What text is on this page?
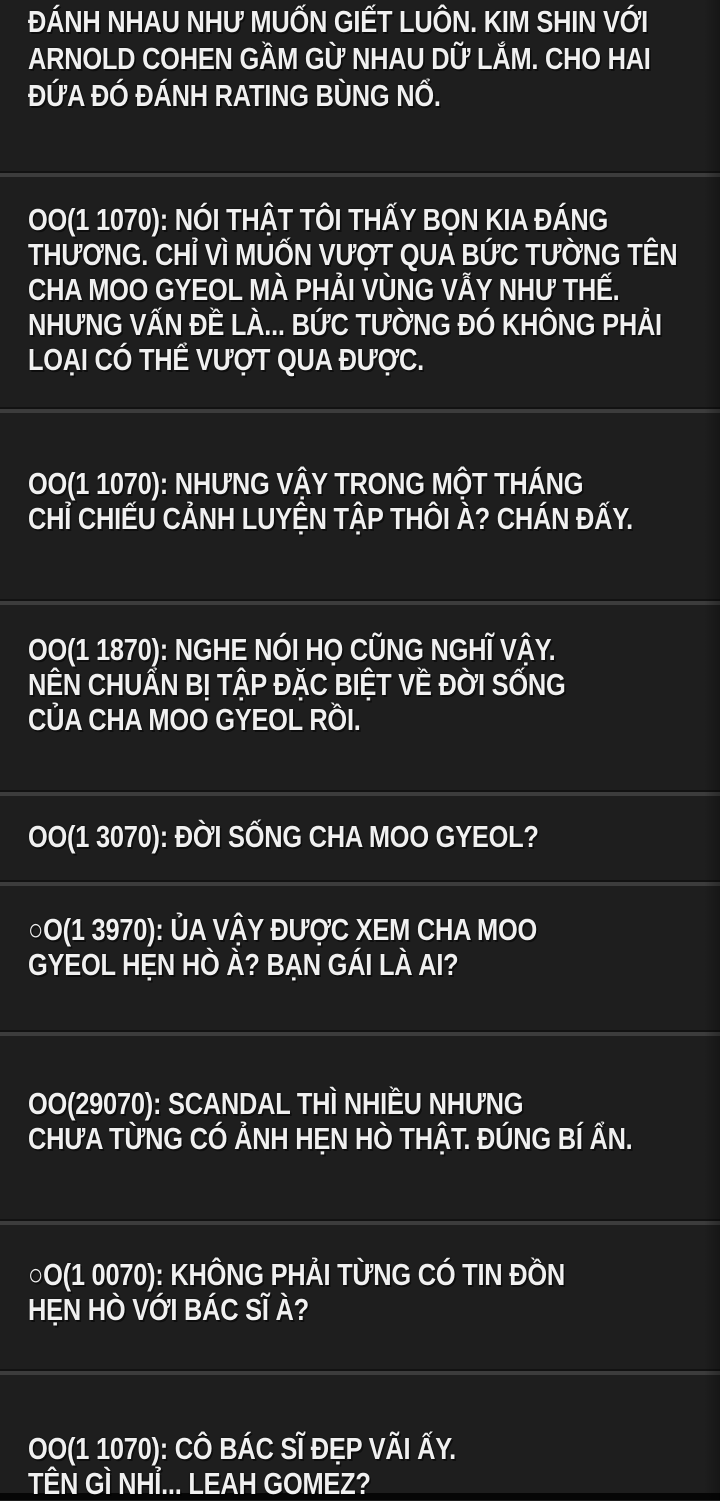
ĐÁNH NHAU NHƯ MUỐN GIẾT LUÔN. KIM SHIN VỚI
ARNOLD COHEN GẦM GỪ NHAU DỮ LẮM. CHO HAI
ĐỨA ĐÓ ĐÁNH RATING BÙNG NỔ.
OO(1 1070): NÓI THẬT TÔI THẤY BỌN KIA ĐÁNG
THƯƠNG. CHỈ VÌ MUỐN VƯỢT QUA BỨC TƯỜNG TÊN
CHA MOO GYEOL MÀ PHẢI VÙNG VẪY NHƯ THẾ.
NHƯNG VẤN ĐỀ LÀ... BỨC TƯỜNG ĐÓ KHÔNG PHẢI
LOẠI CÓ THỂ VƯỢT QUA ĐƯỢC.
OO(1 1070): NHƯNG VẬY TRONG MỘT THÁNG
CHỈ CHIẾU CẢNH LUYỆN TẬP THÔI À? CHÁN ĐẤY.
OO(1 1870): NGHE NÓI HỌ CŨNG NGHĨ VẬY.
NÊN CHUẨN BỊ TẬP ĐẶC BIỆT VỀ ĐỜI SỐNG
CỦA CHA MOO GYEOL RỒI.
OO(1 3070): ĐỜI SỐNG CHA MOO GYEOL?
○O(1 3970): ỦA VẬY ĐƯỢC XEM CHA MOO
GYEOL HẸN HÒ À? BẠN GÁI LÀ AI?
OO(29070): SCANDAL THÌ NHIỀU NHƯNG
CHƯA TỪNG CÓ ẢNH HẸN HÒ THẬT. ĐÚNG BÍ ẨN.
○O(1 0070): KHÔNG PHẢI TỪNG CÓ TIN ĐỒN
HẸN HÒ VỚI BÁC SĨ À?
OO(1 1070): CÔ BÁC SĨ ĐẸP VÃI ẤY.
TÊN GÌ NHỈ... LEAH GOMEZ?
